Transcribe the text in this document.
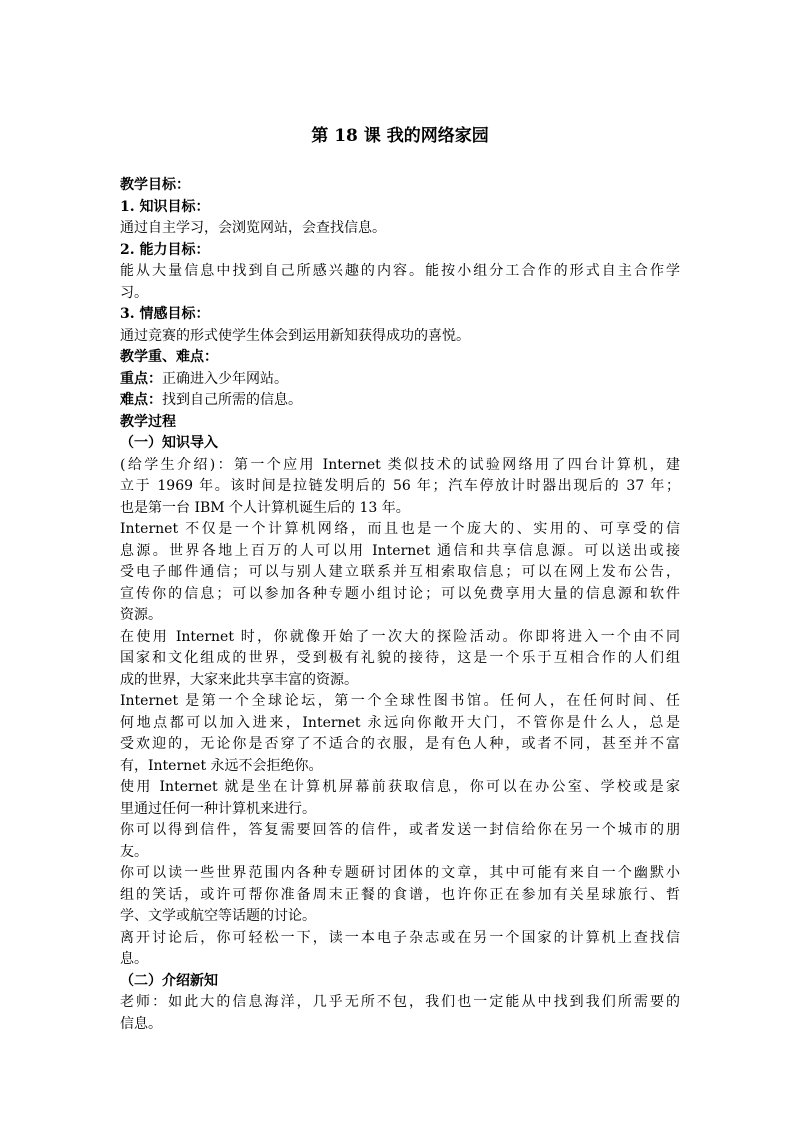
第 18 课 我的网络家园
教学目标：
1. 知识目标：
通过自主学习，会浏览网站，会查找信息。
2. 能力目标：
能从大量信息中找到自己所感兴趣的内容。能按小组分工合作的形式自主合作学
习。
3. 情感目标：
通过竞赛的形式使学生体会到运用新知获得成功的喜悦。
教学重、难点：
重点：正确进入少年网站。
难点：找到自己所需的信息。
教学过程
（一）知识导入
(给学生介绍)：第一个应用 Internet 类似技术的试验网络用了四台计算机，建
立于 1969 年。该时间是拉链发明后的 56 年；汽车停放计时器出现后的 37 年；
也是第一台 IBM 个人计算机诞生后的 13 年。
Internet 不仅是一个计算机网络，而且也是一个庞大的、实用的、可享受的信
息源。世界各地上百万的人可以用 Internet 通信和共享信息源。可以送出或接
受电子邮件通信；可以与别人建立联系并互相索取信息；可以在网上发布公告，
宣传你的信息；可以参加各种专题小组讨论；可以免费享用大量的信息源和软件
资源。
在使用 Internet 时，你就像开始了一次大的探险活动。你即将进入一个由不同
国家和文化组成的世界，受到极有礼貌的接待，这是一个乐于互相合作的人们组
成的世界，大家来此共享丰富的资源。
Internet 是第一个全球论坛，第一个全球性图书馆。任何人，在任何时间、任
何地点都可以加入进来，Internet 永远向你敞开大门，不管你是什么人，总是
受欢迎的，无论你是否穿了不适合的衣服，是有色人种，或者不同，甚至并不富
有，Internet 永远不会拒绝你。
使用 Internet 就是坐在计算机屏幕前获取信息，你可以在办公室、学校或是家
里通过任何一种计算机来进行。
你可以得到信件，答复需要回答的信件，或者发送一封信给你在另一个城市的朋
友。
你可以读一些世界范围内各种专题研讨团体的文章，其中可能有来自一个幽默小
组的笑话，或许可帮你准备周末正餐的食谱，也许你正在参加有关星球旅行、哲
学、文学或航空等话题的讨论。
离开讨论后，你可轻松一下，读一本电子杂志或在另一个国家的计算机上查找信
息。
（二）介绍新知
老师：如此大的信息海洋，几乎无所不包，我们也一定能从中找到我们所需要的
信息。
